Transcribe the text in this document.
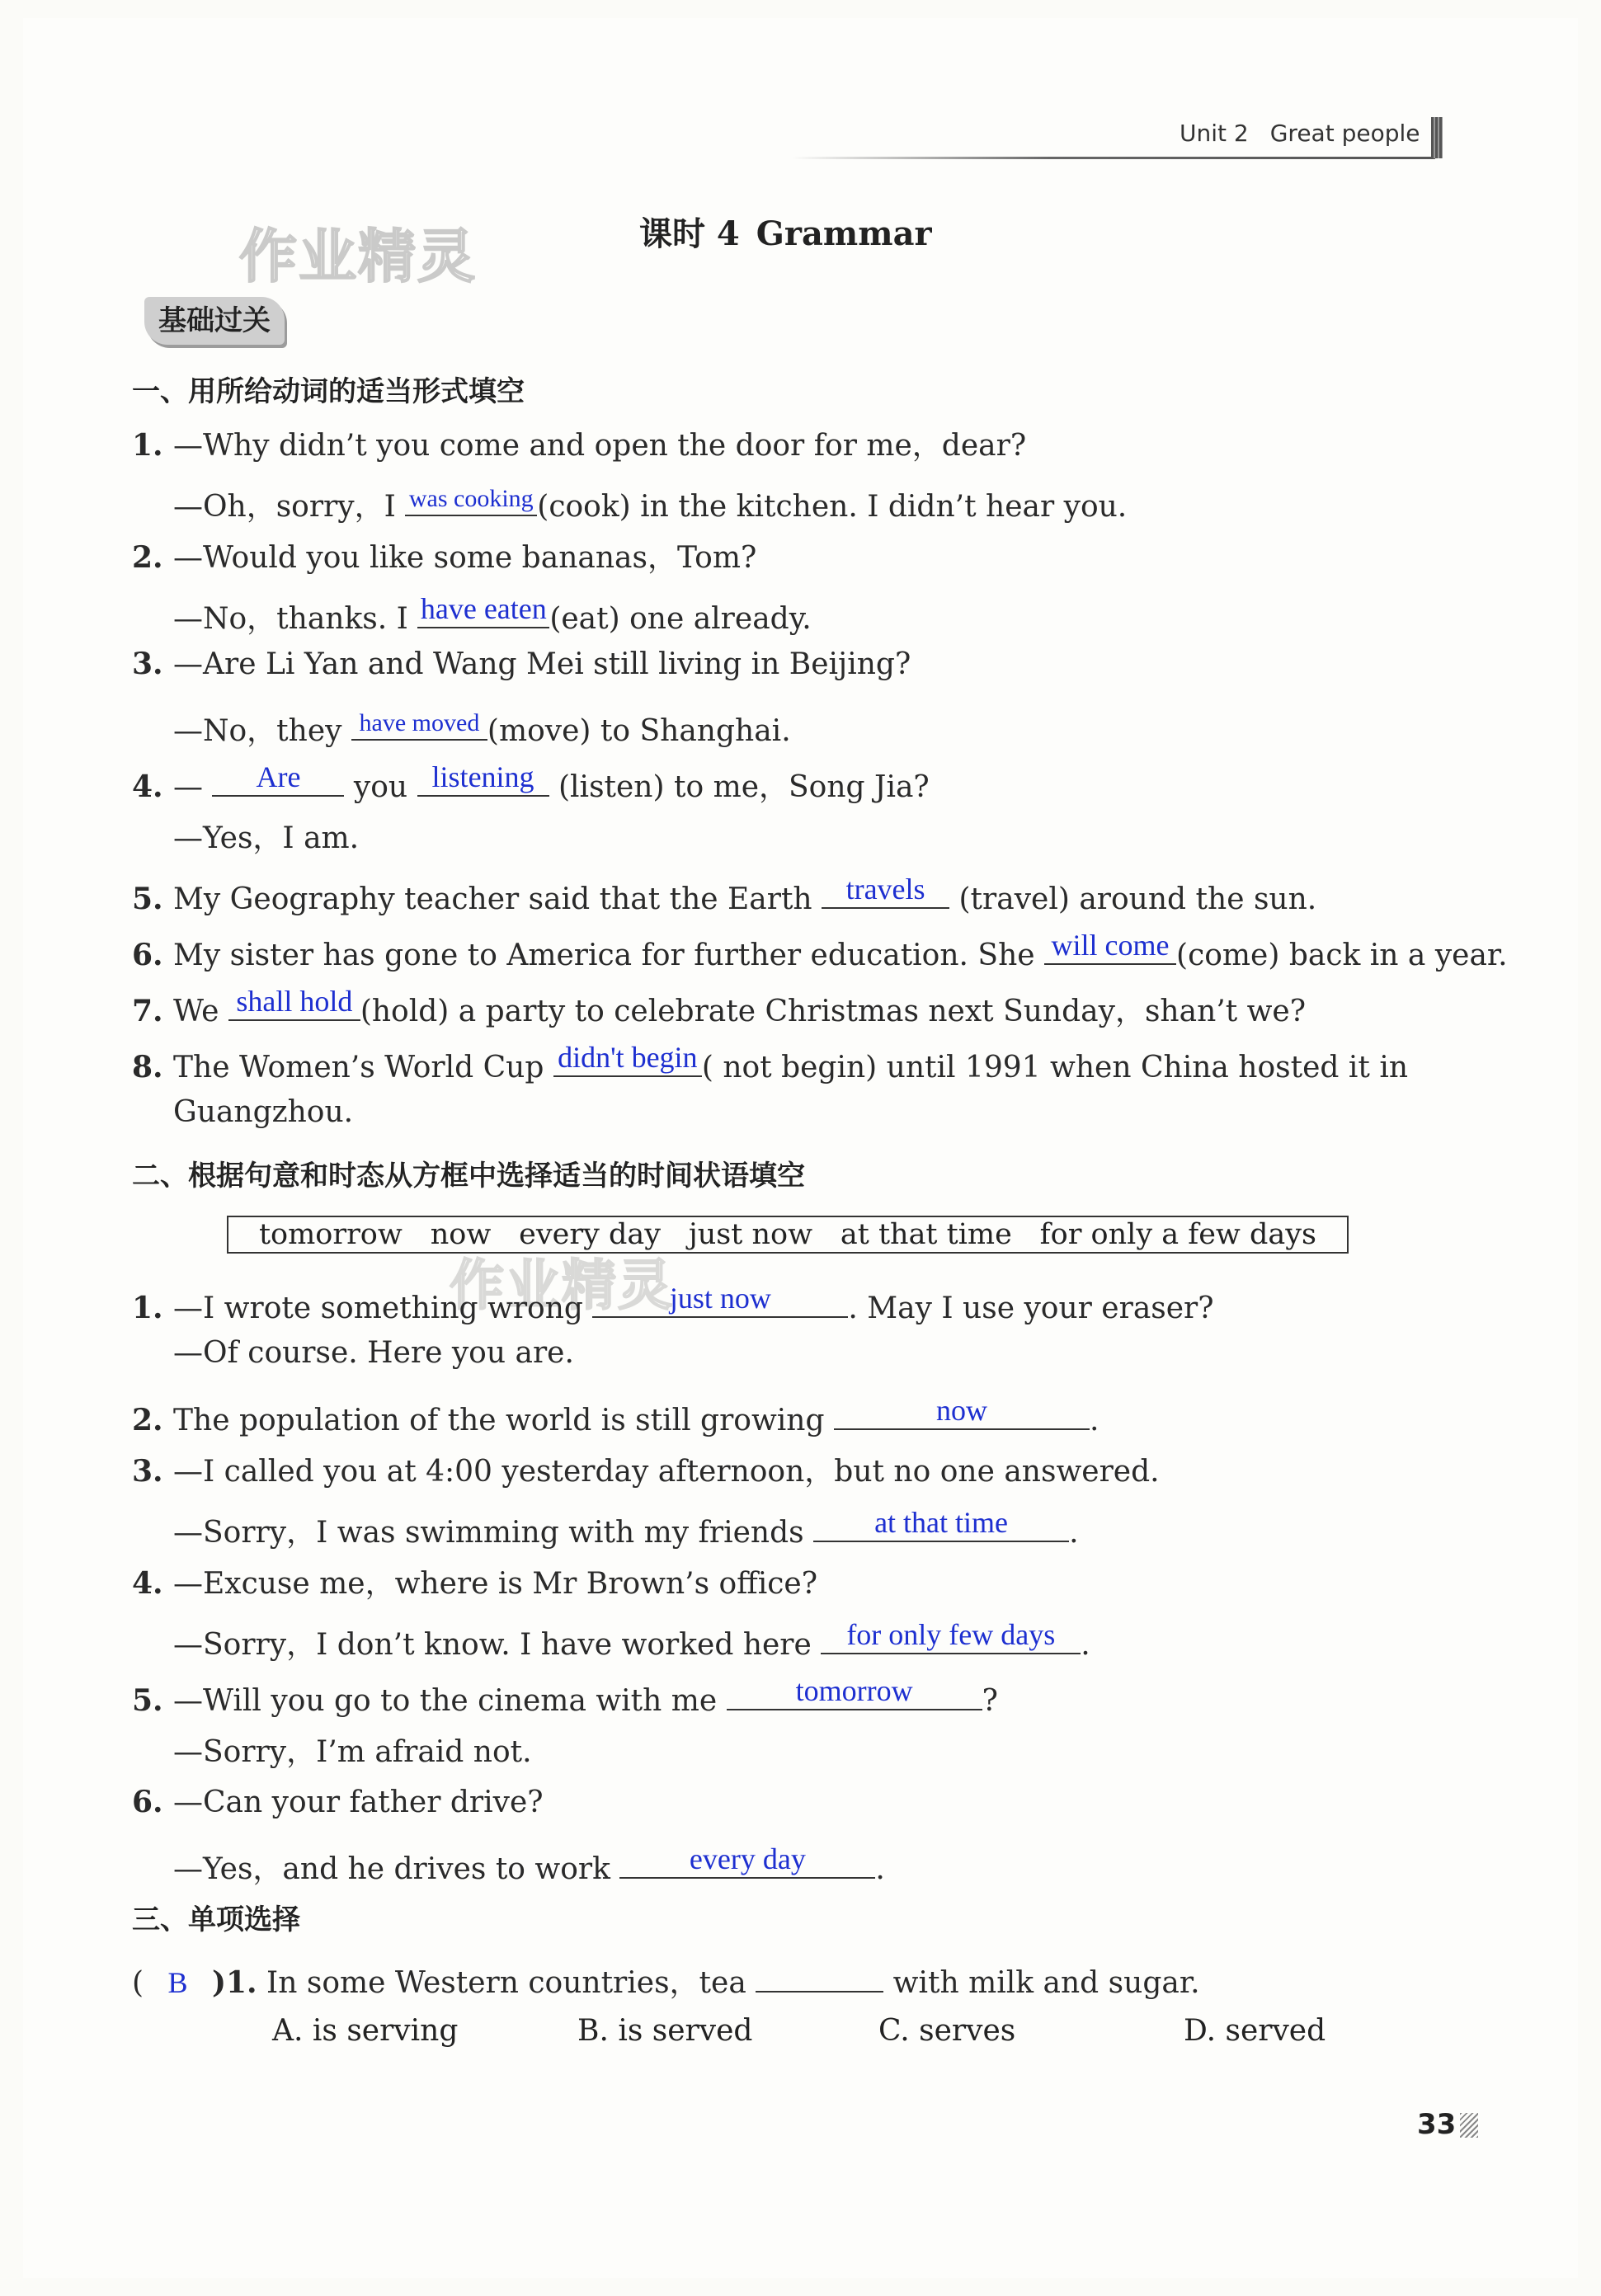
Unit 2 Great people
作业精灵
作业精灵
课时 4 Grammar
基础过关
一、用所给动词的适当形式填空
1. —Why didn’t you come and open the door for me，dear?
—Oh，sorry，I was cooking (cook) in the kitchen. I didn’t hear you.
2. —Would you like some bananas，Tom?
—No，thanks. I have eaten (eat) one already.
3. —Are Li Yan and Wang Mei still living in Beijing?
—No，they have moved (move) to Shanghai.
4. —	Are	you listening (listen) to me，Song Jia?
—Yes，I am.
5. My Geography teacher said that the Earth travels (travel) around the sun.
6. My sister has gone to America for further education. She will come (come) back in a year.
7. We shall hold (hold) a party to celebrate Christmas next Sunday，shan’t we?
8. The Women’s World Cup didn't begin ( not begin) until 1991 when China hosted it in
Guangzhou.
二、根据句意和时态从方框中选择适当的时间状语填空
tomorrow now every day just now at that time for only a few days
1. —I wrote something wrong	just now	. May I use your eraser?
—Of course. Here you are.
2. The population of the world is still growing	now	.
3. —I called you at 4:00 yesterday afternoon，but no one answered.
—Sorry，I was swimming with my friends	at that time	.
4. —Excuse me，where is Mr Brown’s office?
—Sorry，I don’t know. I have worked here for only few days .
5. —Will you go to the cinema with me	tomorrow	?
—Sorry，I’m afraid not.
6. —Can your father drive?
—Yes，and he drives to work	every day	.
三、单项选择
( B )1. In some Western countries，tea	with milk and sugar.
A. is serving	B. is served	C. serves	D. served
33
